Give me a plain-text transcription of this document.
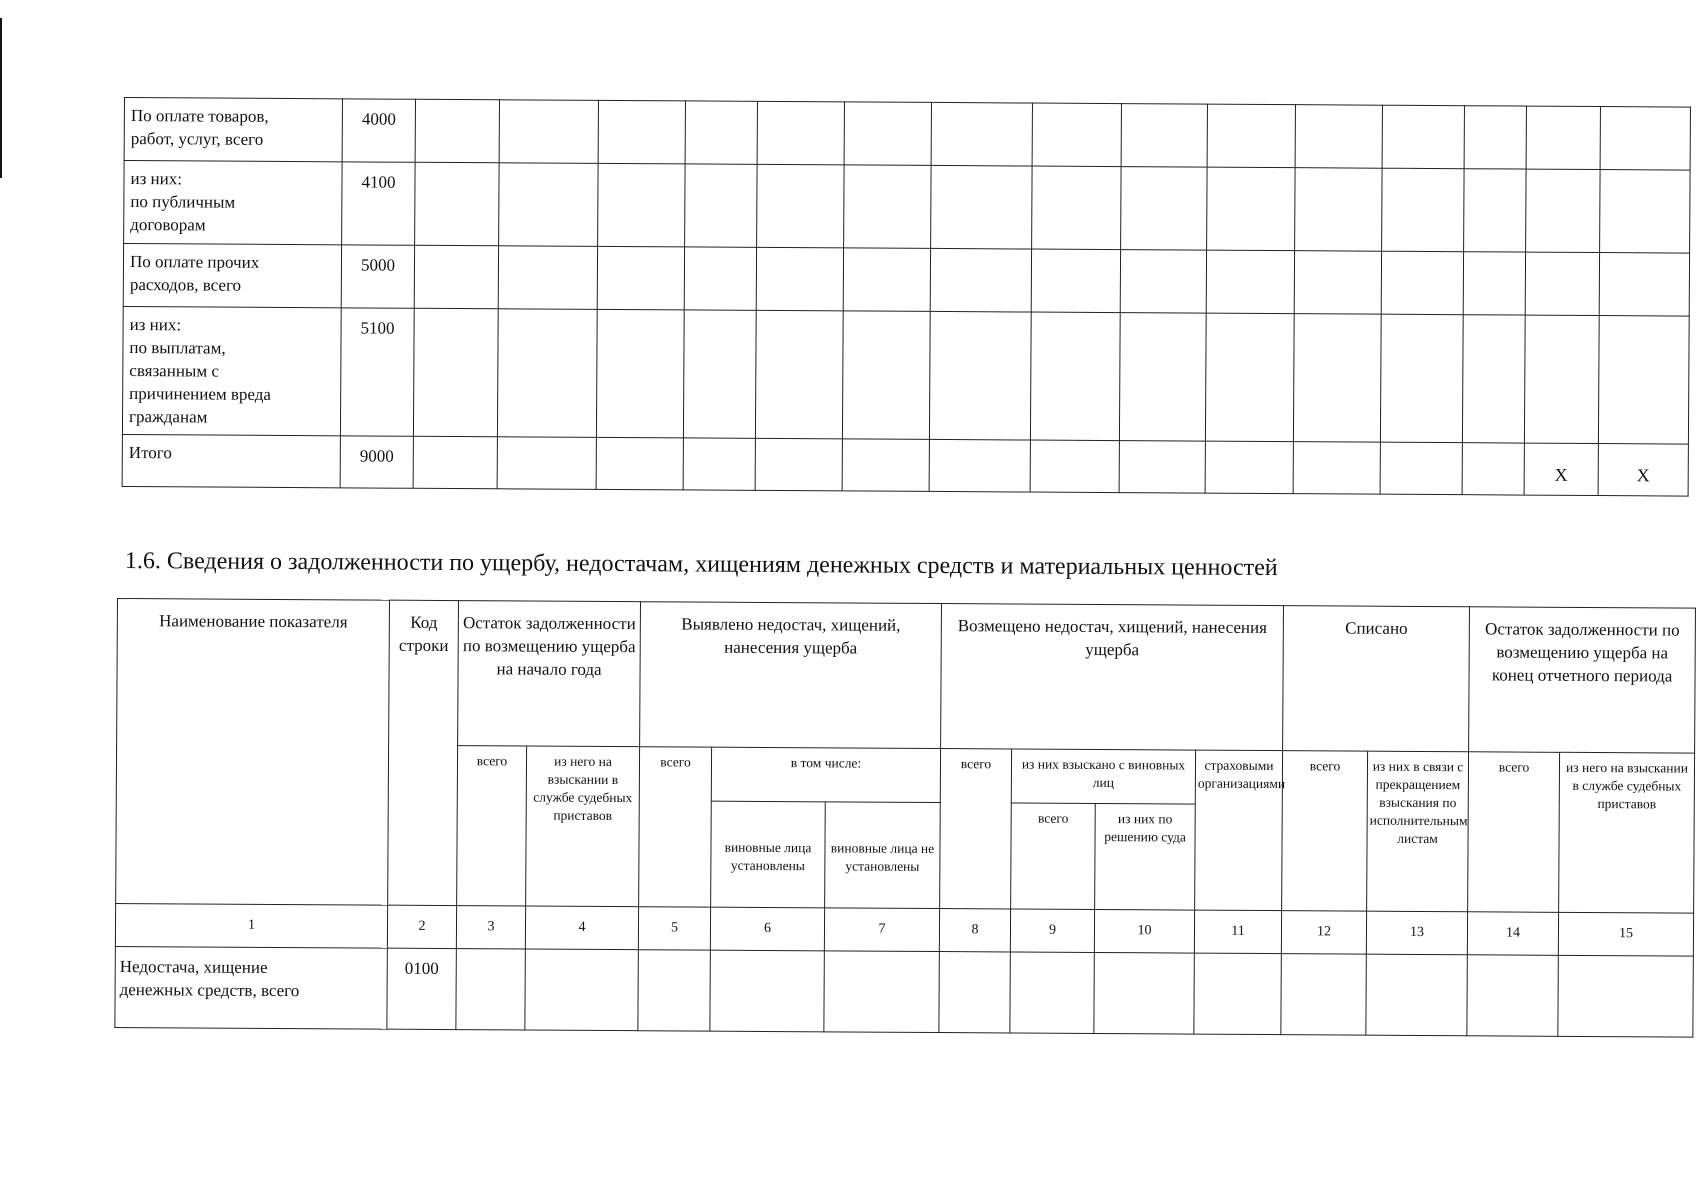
По оплате товаров,
работ, услуг, всего	4000															
из них:
по публичным
договорам	4100															
По оплате прочих
расходов, всего	5000															
из них:
по выплатам,
связанным с
причинением вреда
гражданам	5100															
Итого	9000														X	X
1.6. Сведения о задолженности по ущербу, недостачам, хищениям денежных средств и материальных ценностей
Наименование показателя	Код строки	Остаток задолженности по возмещению ущерба на начало года		Выявлено недостач, хищений, нанесения ущерба			Возмещено недостач, хищений, нанесения ущерба				Списано		Остаток задолженности по возмещению ущерба на конец отчетного периода	
		всего	из него на взыскании в службе судебных приставов	всего	в том числе:		всего	из них взыскано с виновных лиц		страховыми организациями	всего	из них в связи с прекращением взыскания по исполнительным листам	всего	из него на взыскании в службе судебных приставов
					виновные лица установлены	виновные лица не установлены		всего	из них по решению суда					
1	2	3	4	5	6	7	8	9	10	11	12	13	14	15
Недостача, хищение
денежных средств, всего	0100													
